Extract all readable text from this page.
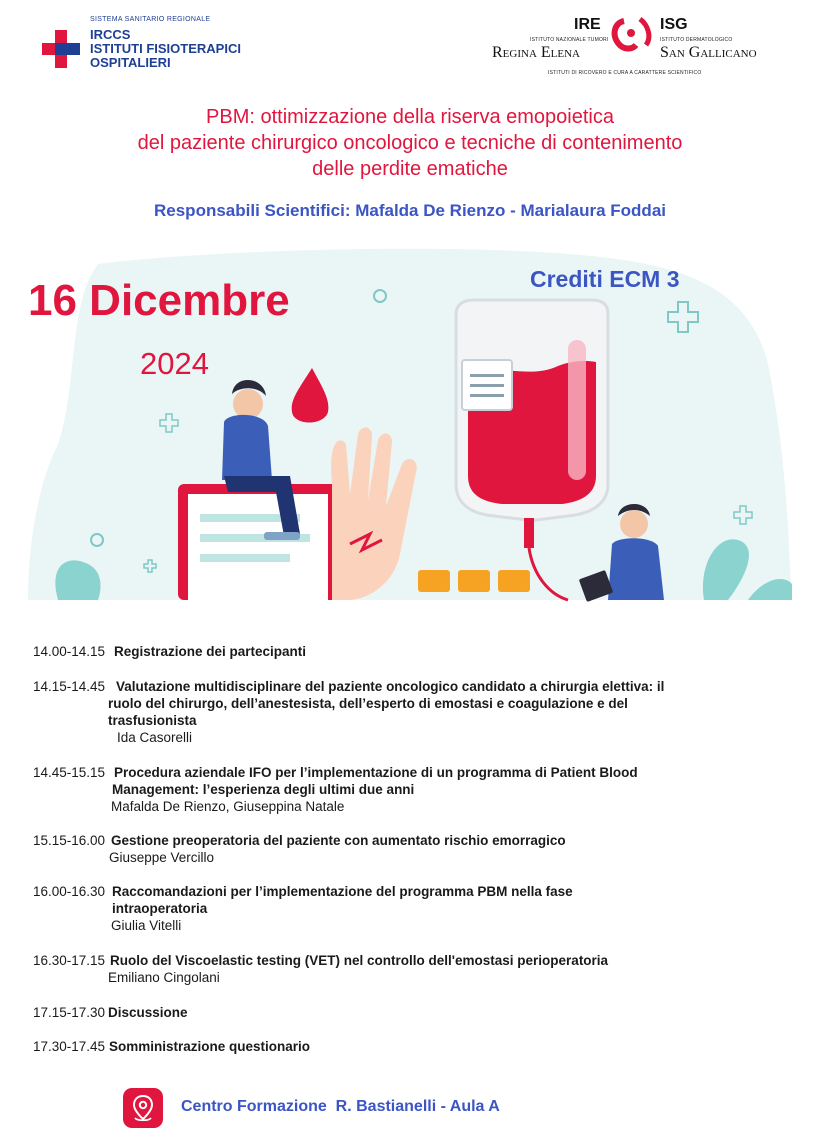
SISTEMA SANITARIO REGIONALE
IRCCS
ISTITUTI FISIOTERAPICI
OSPITALIERI
IRE	ISG
ISTITUTO NAZIONALE TUMORI	ISTITUTO DERMATOLOGICO
Regina Elena	San Gallicano
ISTITUTI DI RICOVERO E CURA A CARATTERE SCIENTIFICO
PBM: ottimizzazione della riserva emopoietica
del paziente chirurgico oncologico e tecniche di contenimento
delle perdite ematiche
Responsabili Scientifici: Mafalda De Rienzo - Marialaura Foddai
16 Dicembre
2024
Crediti ECM 3
14.00-14.15 Registrazione dei partecipanti
14.15-14.45 Valutazione multidisciplinare del paziente oncologico candidato a chirurgia elettiva: il
ruolo del chirurgo, dell’anestesista, dell’esperto di emostasi e coagulazione e del
trasfusionista
Ida Casorelli
14.45-15.15 Procedura aziendale IFO per l’implementazione di un programma di Patient Blood
Management: l’esperienza degli ultimi due anni
Mafalda De Rienzo, Giuseppina Natale
15.15-16.00 Gestione preoperatoria del paziente con aumentato rischio emorragico
Giuseppe Vercillo
16.00-16.30 Raccomandazioni per l’implementazione del programma PBM nella fase
intraoperatoria
Giulia Vitelli
16.30-17.15 Ruolo del Viscoelastic testing (VET) nel controllo dell'emostasi perioperatoria
Emiliano Cingolani
17.15-17.30 Discussione
17.30-17.45 Somministrazione questionario
Centro Formazione  R. Bastianelli - Aula A
